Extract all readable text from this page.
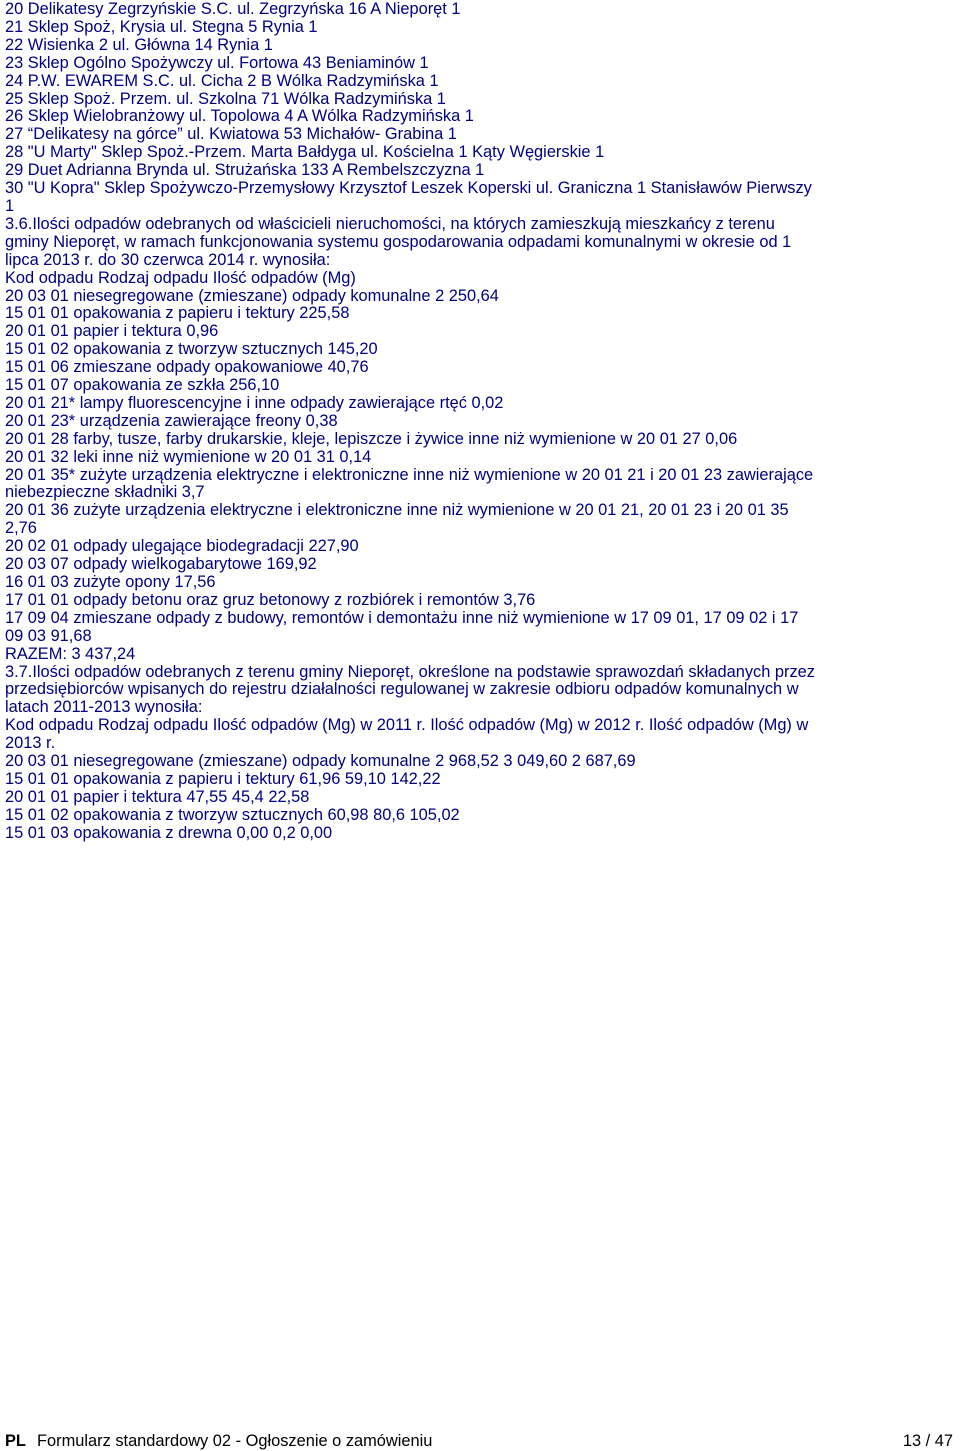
20 Delikatesy Zegrzyńskie S.C. ul. Zegrzyńska 16 A Nieporęt 1

21 Sklep Spoż, Krysia ul. Stegna 5 Rynia 1

22 Wisienka 2 ul. Główna 14 Rynia 1

23 Sklep Ogólno Spożywczy ul. Fortowa 43 Beniaminów 1

24 P.W. EWAREM S.C. ul. Cicha 2 B Wólka Radzymińska 1

25 Sklep Spoż. Przem. ul. Szkolna 71 Wólka Radzymińska 1

26 Sklep Wielobranżowy ul. Topolowa 4 A Wólka Radzymińska 1

27 “Delikatesy na górce” ul. Kwiatowa 53 Michałów- Grabina 1

28 "U Marty" Sklep Spoż.-Przem. Marta Bałdyga ul. Kościelna 1 Kąty Węgierskie 1

29 Duet Adrianna Brynda ul. Strużańska 133 A Rembelszczyzna 1

30 "U Kopra" Sklep Spożywczo-Przemysłowy Krzysztof Leszek Koperski ul. Graniczna 1 Stanisławów Pierwszy

1

3.6.Ilości odpadów odebranych od właścicieli nieruchomości, na których zamieszkują mieszkańcy z terenu

gminy Nieporęt, w ramach funkcjonowania systemu gospodarowania odpadami komunalnymi w okresie od 1

lipca 2013 r. do 30 czerwca 2014 r. wynosiła:

Kod odpadu Rodzaj odpadu Ilość odpadów (Mg)

20 03 01 niesegregowane (zmieszane) odpady komunalne 2 250,64

15 01 01 opakowania z papieru i tektury 225,58

20 01 01 papier i tektura 0,96

15 01 02 opakowania z tworzyw sztucznych 145,20

15 01 06 zmieszane odpady opakowaniowe 40,76

15 01 07 opakowania ze szkła 256,10

20 01 21* lampy fluorescencyjne i inne odpady zawierające rtęć 0,02

20 01 23* urządzenia zawierające freony 0,38

20 01 28 farby, tusze, farby drukarskie, kleje, lepiszcze i żywice inne niż wymienione w 20 01 27 0,06

20 01 32 leki inne niż wymienione w 20 01 31 0,14

20 01 35* zużyte urządzenia elektryczne i elektroniczne inne niż wymienione w 20 01 21 i 20 01 23 zawierające

niebezpieczne składniki 3,7

20 01 36 zużyte urządzenia elektryczne i elektroniczne inne niż wymienione w 20 01 21, 20 01 23 i 20 01 35

2,76

20 02 01 odpady ulegające biodegradacji 227,90

20 03 07 odpady wielkogabarytowe 169,92

16 01 03 zużyte opony 17,56

17 01 01 odpady betonu oraz gruz betonowy z rozbiórek i remontów 3,76

17 09 04 zmieszane odpady z budowy, remontów i demontażu inne niż wymienione w 17 09 01, 17 09 02 i 17

09 03 91,68

RAZEM: 3 437,24

3.7.Ilości odpadów odebranych z terenu gminy Nieporęt, określone na podstawie sprawozdań składanych przez

przedsiębiorców wpisanych do rejestru działalności regulowanej w zakresie odbioru odpadów komunalnych w

latach 2011-2013 wynosiła:

Kod odpadu Rodzaj odpadu Ilość odpadów (Mg) w 2011 r. Ilość odpadów (Mg) w 2012 r. Ilość odpadów (Mg) w

2013 r.

20 03 01 niesegregowane (zmieszane) odpady komunalne 2 968,52 3 049,60 2 687,69

15 01 01 opakowania z papieru i tektury 61,96 59,10 142,22

20 01 01 papier i tektura 47,55 45,4 22,58

15 01 02 opakowania z tworzyw sztucznych 60,98 80,6 105,02

15 01 03 opakowania z drewna 0,00 0,2 0,00

PL Formularz standardowy 02 - Ogłoszenie o zamówieniu	13 / 47
